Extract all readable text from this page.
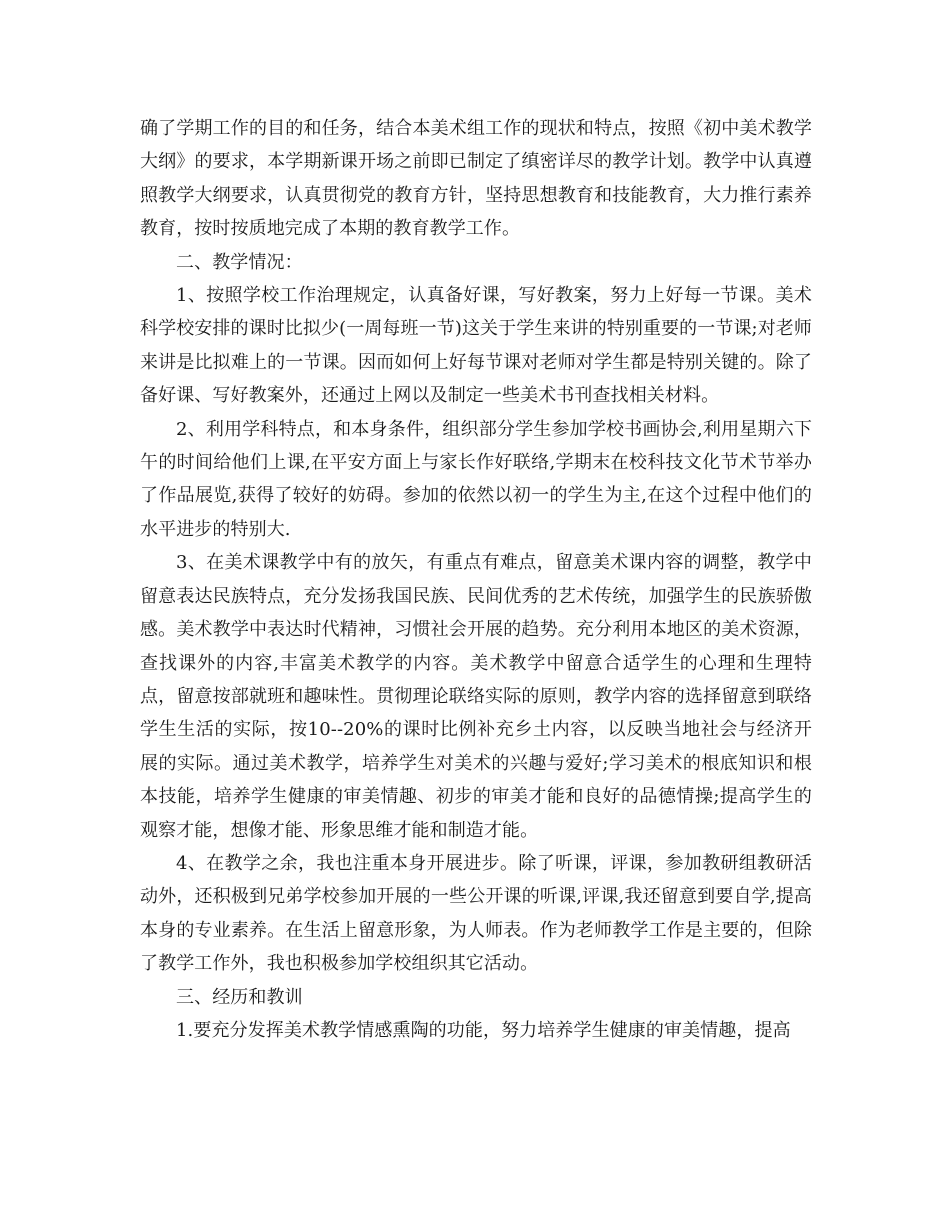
确了学期工作的目的和任务，结合本美术组工作的现状和特点，按照《初中美术教学大纲》的要求，本学期新课开场之前即已制定了缜密详尽的教学计划。教学中认真遵照教学大纲要求，认真贯彻党的教育方针，坚持思想教育和技能教育，大力推行素养教育，按时按质地完成了本期的教育教学工作。

二、教学情况：

1、按照学校工作治理规定，认真备好课，写好教案，努力上好每一节课。美术科学校安排的课时比拟少(一周每班一节)这关于学生来讲的特别重要的一节课;对老师来讲是比拟难上的一节课。因而如何上好每节课对老师对学生都是特别关键的。除了备好课、写好教案外，还通过上网以及制定一些美术书刊查找相关材料。

2、利用学科特点，和本身条件，组织部分学生参加学校书画协会,利用星期六下午的时间给他们上课,在平安方面上与家长作好联络,学期末在校科技文化节术节举办了作品展览,获得了较好的妨碍。参加的依然以初一的学生为主,在这个过程中他们的水平进步的特别大.

3、在美术课教学中有的放矢，有重点有难点，留意美术课内容的调整，教学中留意表达民族特点，充分发扬我国民族、民间优秀的艺术传统，加强学生的民族骄傲感。美术教学中表达时代精神，习惯社会开展的趋势。充分利用本地区的美术资源，查找课外的内容,丰富美术教学的内容。美术教学中留意合适学生的心理和生理特点，留意按部就班和趣味性。贯彻理论联络实际的原则，教学内容的选择留意到联络学生生活的实际，按10--20%的课时比例补充乡土内容，以反映当地社会与经济开展的实际。通过美术教学，培养学生对美术的兴趣与爱好;学习美术的根底知识和根本技能，培养学生健康的审美情趣、初步的审美才能和良好的品德情操;提高学生的观察才能，想像才能、形象思维才能和制造才能。

4、在教学之余，我也注重本身开展进步。除了听课，评课，参加教研组教研活动外，还积极到兄弟学校参加开展的一些公开课的听课,评课,我还留意到要自学,提高本身的专业素养。在生活上留意形象，为人师表。作为老师教学工作是主要的，但除了教学工作外，我也积极参加学校组织其它活动。

三、经历和教训

1.要充分发挥美术教学情感熏陶的功能，努力培养学生健康的审美情趣，提高
